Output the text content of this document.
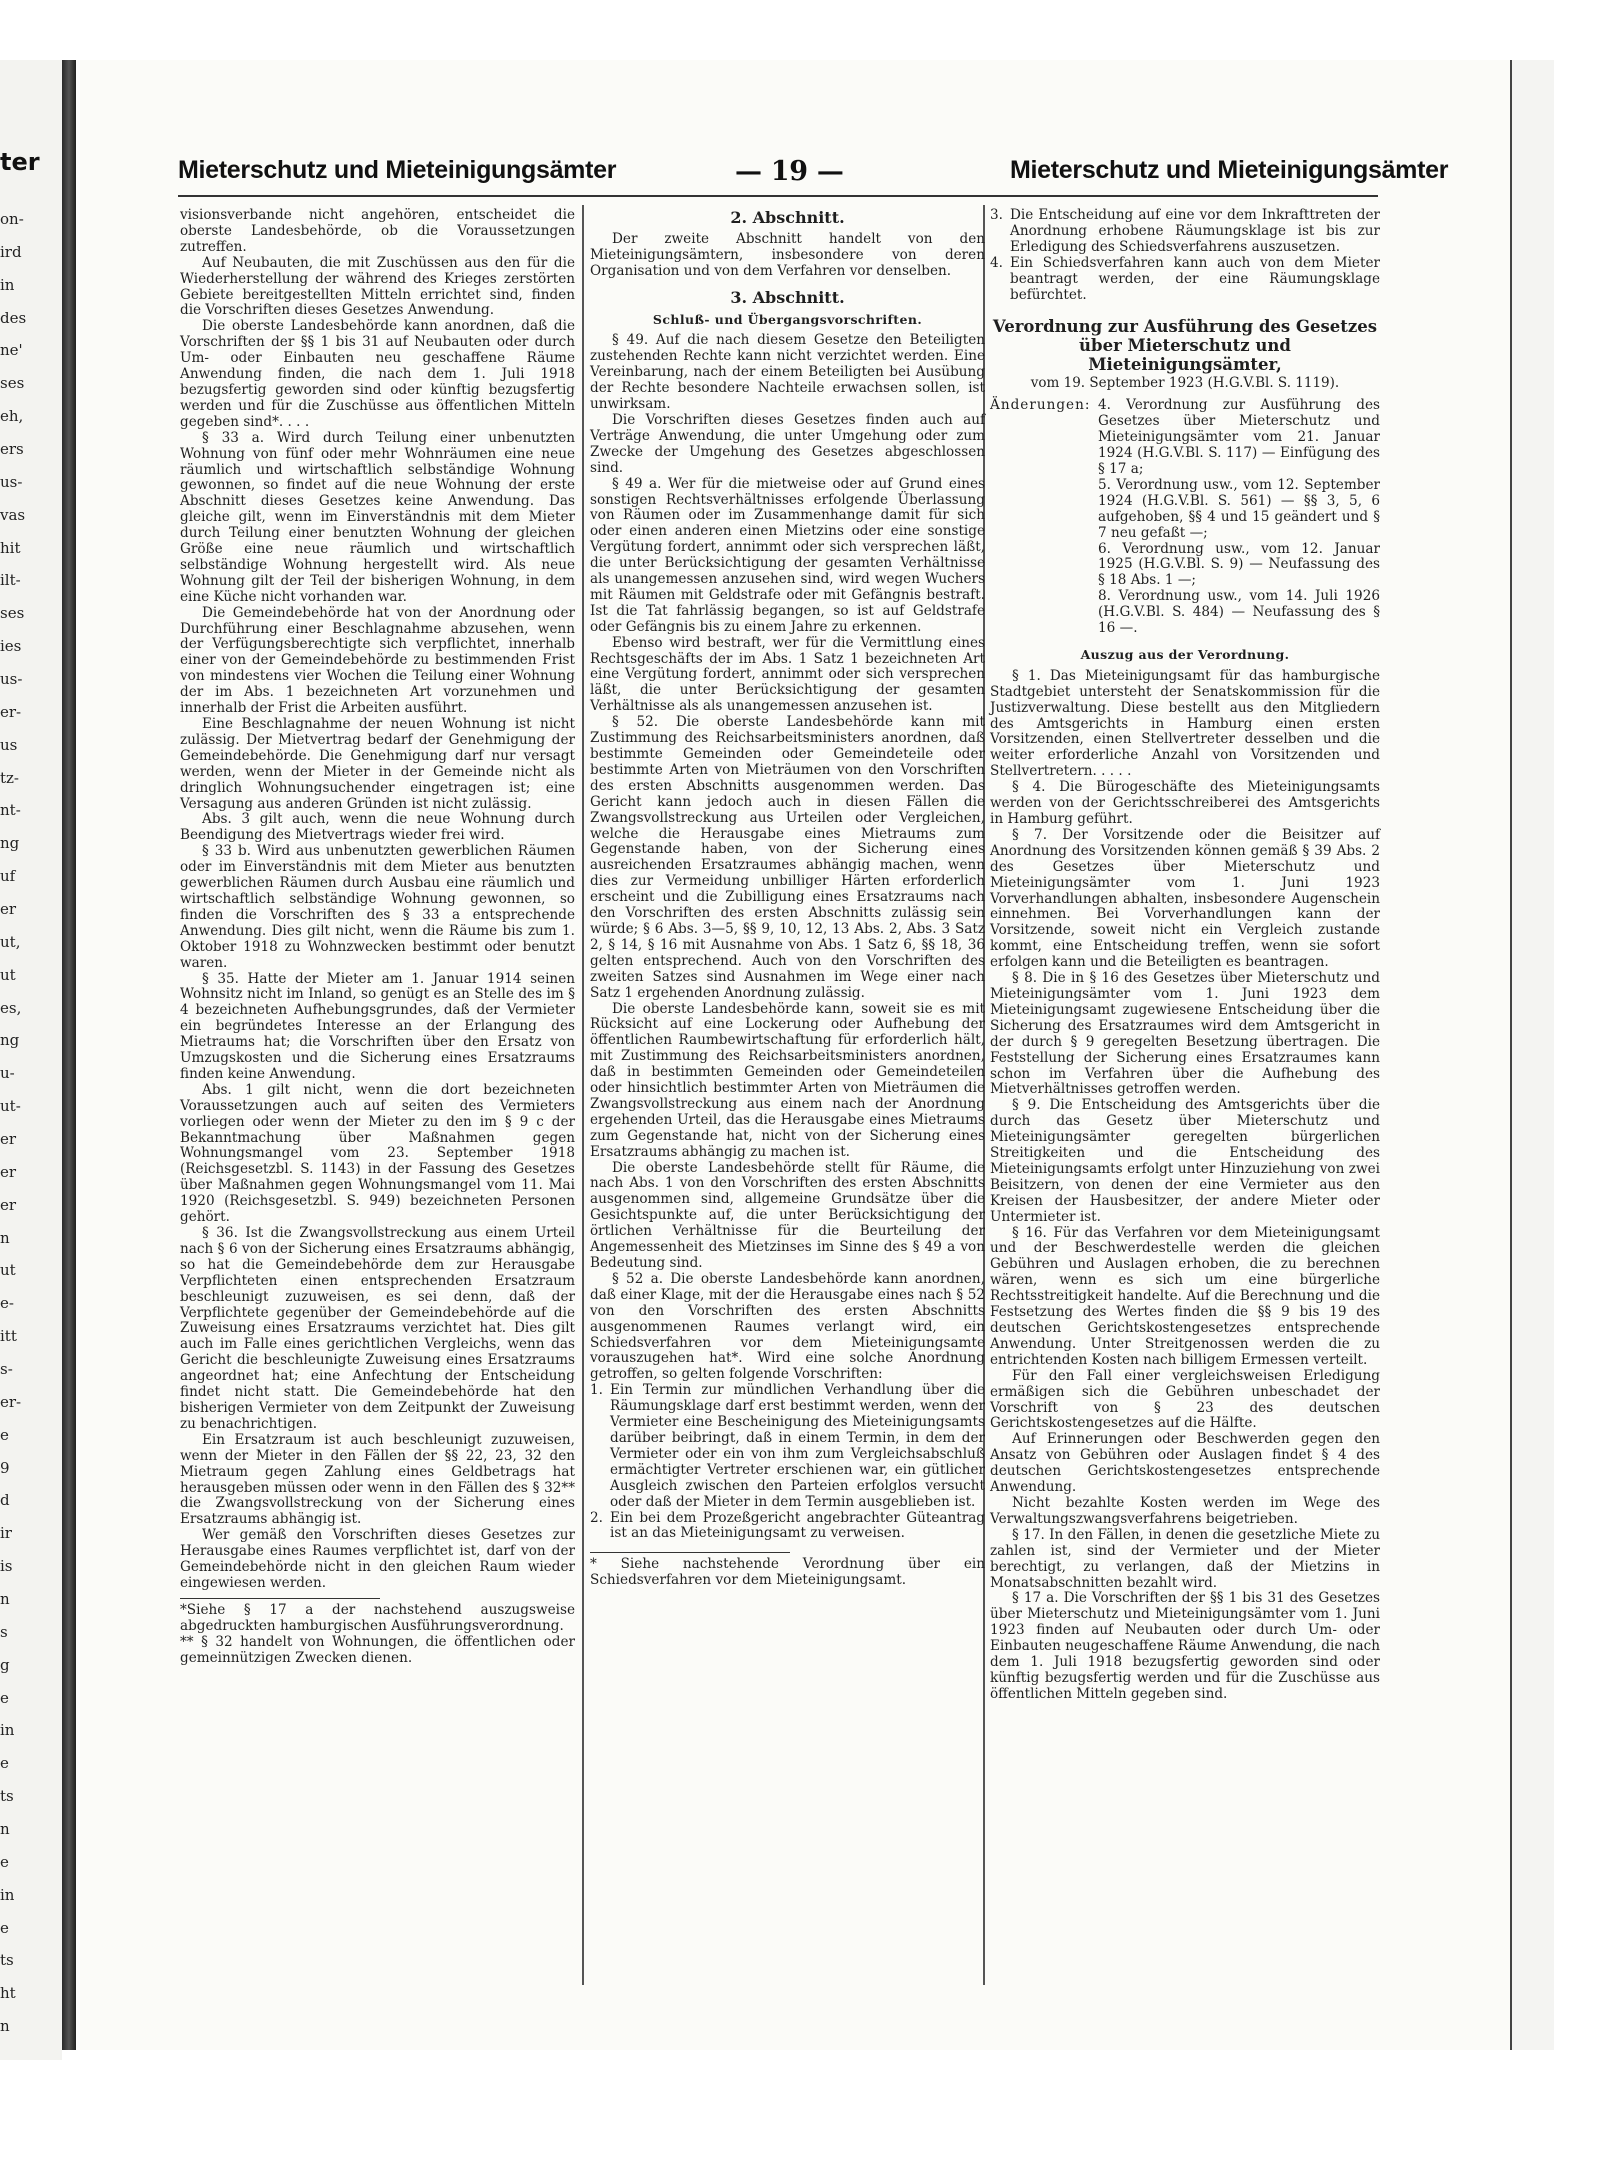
ter
on-
ird
in
des
ne'
ses
eh,
ers
us-
vas
hit
ilt-
ses
ies
us-
er-
us
tz-
nt-
ng
uf
er
ut,
ut
es,
ng
u-
ut-
er
er
er
n
ut
e-
itt
s-
er-
e
9
d
ir
is
n
s
g
e
in
e
ts
n
e
in
e
ts
ht
n
Mieterschutz und Mieteinigungsämter	— 19 —	Mieterschutz und Mieteinigungsämter

visionsverbande nicht angehören, entscheidet die oberste Landesbehörde, ob die Voraussetzungen zutreffen.

Auf Neubauten, die mit Zuschüssen aus den für die Wiederherstellung der während des Krieges zerstörten Gebiete bereitgestellten Mitteln errichtet sind, finden die Vorschriften dieses Gesetzes Anwendung.

Die oberste Landesbehörde kann anordnen, daß die Vorschriften der §§ 1 bis 31 auf Neubauten oder durch Um- oder Einbauten neu geschaffene Räume Anwendung finden, die nach dem 1. Juli 1918 bezugsfertig geworden sind oder künftig bezugsfertig werden und für die Zuschüsse aus öffentlichen Mitteln gegeben sind*. . . .

§ 33 a. Wird durch Teilung einer unbenutzten Wohnung von fünf oder mehr Wohnräumen eine neue räumlich und wirtschaftlich selbständige Wohnung gewonnen, so findet auf die neue Wohnung der erste Abschnitt dieses Gesetzes keine Anwendung. Das gleiche gilt, wenn im Einverständnis mit dem Mieter durch Teilung einer benutzten Wohnung der gleichen Größe eine neue räumlich und wirtschaftlich selbständige Wohnung hergestellt wird. Als neue Wohnung gilt der Teil der bisherigen Wohnung, in dem eine Küche nicht vorhanden war.

Die Gemeindebehörde hat von der Anordnung oder Durchführung einer Beschlagnahme abzusehen, wenn der Verfügungsberechtigte sich verpflichtet, innerhalb einer von der Gemeindebehörde zu bestimmenden Frist von mindestens vier Wochen die Teilung einer Wohnung der im Abs. 1 bezeichneten Art vorzunehmen und innerhalb der Frist die Arbeiten ausführt.

Eine Beschlagnahme der neuen Wohnung ist nicht zulässig. Der Mietvertrag bedarf der Genehmigung der Gemeindebehörde. Die Genehmigung darf nur versagt werden, wenn der Mieter in der Gemeinde nicht als dringlich Wohnungsuchender eingetragen ist; eine Versagung aus anderen Gründen ist nicht zulässig.

Abs. 3 gilt auch, wenn die neue Wohnung durch Beendigung des Mietvertrags wieder frei wird.

§ 33 b. Wird aus unbenutzten gewerblichen Räumen oder im Einverständnis mit dem Mieter aus benutzten gewerblichen Räumen durch Ausbau eine räumlich und wirtschaftlich selbständige Wohnung gewonnen, so finden die Vorschriften des § 33 a entsprechende Anwendung. Dies gilt nicht, wenn die Räume bis zum 1. Oktober 1918 zu Wohnzwecken bestimmt oder benutzt waren.

§ 35. Hatte der Mieter am 1. Januar 1914 seinen Wohnsitz nicht im Inland, so genügt es an Stelle des im § 4 bezeichneten Aufhebungsgrundes, daß der Vermieter ein begründetes Interesse an der Erlangung des Mietraums hat; die Vorschriften über den Ersatz von Umzugskosten und die Sicherung eines Ersatzraums finden keine Anwendung.

Abs. 1 gilt nicht, wenn die dort bezeichneten Voraussetzungen auch auf seiten des Vermieters vorliegen oder wenn der Mieter zu den im § 9 c der Bekanntmachung über Maßnahmen gegen Wohnungsmangel vom 23. September 1918 (Reichsgesetzbl. S. 1143) in der Fassung des Gesetzes über Maßnahmen gegen Wohnungsmangel vom 11. Mai 1920 (Reichsgesetzbl. S. 949) bezeichneten Personen gehört.

§ 36. Ist die Zwangsvollstreckung aus einem Urteil nach § 6 von der Sicherung eines Ersatzraums abhängig, so hat die Gemeindebehörde dem zur Herausgabe Verpflichteten einen entsprechenden Ersatzraum beschleunigt zuzuweisen, es sei denn, daß der Verpflichtete gegenüber der Gemeindebehörde auf die Zuweisung eines Ersatzraums verzichtet hat. Dies gilt auch im Falle eines gerichtlichen Vergleichs, wenn das Gericht die beschleunigte Zuweisung eines Ersatzraums angeordnet hat; eine Anfechtung der Entscheidung findet nicht statt. Die Gemeindebehörde hat den bisherigen Vermieter von dem Zeitpunkt der Zuweisung zu benachrichtigen.

Ein Ersatzraum ist auch beschleunigt zuzuweisen, wenn der Mieter in den Fällen der §§ 22, 23, 32 den Mietraum gegen Zahlung eines Geldbetrags hat herausgeben müssen oder wenn in den Fällen des § 32** die Zwangsvollstreckung von der Sicherung eines Ersatzraums abhängig ist.

Wer gemäß den Vorschriften dieses Gesetzes zur Herausgabe eines Raumes verpflichtet ist, darf von der Gemeindebehörde nicht in den gleichen Raum wieder eingewiesen werden.

*Siehe § 17 a der nachstehend auszugsweise abgedruckten hamburgischen Ausführungsverordnung.

** § 32 handelt von Wohnungen, die öffentlichen oder gemeinnützigen Zwecken dienen.

2. Abschnitt.

Der zweite Abschnitt handelt von den Mieteinigungsämtern, insbesondere von deren Organisation und von dem Verfahren vor denselben.

3. Abschnitt.
Schluß- und Übergangsvorschriften.

§ 49. Auf die nach diesem Gesetze den Beteiligten zustehenden Rechte kann nicht verzichtet werden. Eine Vereinbarung, nach der einem Beteiligten bei Ausübung der Rechte besondere Nachteile erwachsen sollen, ist unwirksam.

Die Vorschriften dieses Gesetzes finden auch auf Verträge Anwendung, die unter Umgehung oder zum Zwecke der Umgehung des Gesetzes abgeschlossen sind.

§ 49 a. Wer für die mietweise oder auf Grund eines sonstigen Rechtsverhältnisses erfolgende Überlassung von Räumen oder im Zusammenhange damit für sich oder einen anderen einen Mietzins oder eine sonstige Vergütung fordert, annimmt oder sich versprechen läßt, die unter Berücksichtigung der gesamten Verhältnisse als unangemessen anzusehen sind, wird wegen Wuchers mit Räumen mit Geldstrafe oder mit Gefängnis bestraft. Ist die Tat fahrlässig begangen, so ist auf Geldstrafe oder Gefängnis bis zu einem Jahre zu erkennen.

Ebenso wird bestraft, wer für die Vermittlung eines Rechtsgeschäfts der im Abs. 1 Satz 1 bezeichneten Art eine Vergütung fordert, annimmt oder sich versprechen läßt, die unter Berücksichtigung der gesamten Verhältnisse als als unangemessen anzusehen ist.

§ 52. Die oberste Landesbehörde kann mit Zustimmung des Reichsarbeitsministers anordnen, daß bestimmte Gemeinden oder Gemeindeteile oder bestimmte Arten von Mieträumen von den Vorschriften des ersten Abschnitts ausgenommen werden. Das Gericht kann jedoch auch in diesen Fällen die Zwangsvollstreckung aus Urteilen oder Vergleichen, welche die Herausgabe eines Mietraums zum Gegenstande haben, von der Sicherung eines ausreichenden Ersatzraumes abhängig machen, wenn dies zur Vermeidung unbilliger Härten erforderlich erscheint und die Zubilligung eines Ersatzraums nach den Vorschriften des ersten Abschnitts zulässig sein würde; § 6 Abs. 3—5, §§ 9, 10, 12, 13 Abs. 2, Abs. 3 Satz 2, § 14, § 16 mit Ausnahme von Abs. 1 Satz 6, §§ 18, 36 gelten entsprechend. Auch von den Vorschriften des zweiten Satzes sind Ausnahmen im Wege einer nach Satz 1 ergehenden Anordnung zulässig.

Die oberste Landesbehörde kann, soweit sie es mit Rücksicht auf eine Lockerung oder Aufhebung der öffentlichen Raumbewirtschaftung für erforderlich hält, mit Zustimmung des Reichsarbeitsministers anordnen, daß in bestimmten Gemeinden oder Gemeindeteilen oder hinsichtlich bestimmter Arten von Mieträumen die Zwangsvollstreckung aus einem nach der Anordnung ergehenden Urteil, das die Herausgabe eines Mietraums zum Gegenstande hat, nicht von der Sicherung eines Ersatzraums abhängig zu machen ist.

Die oberste Landesbehörde stellt für Räume, die nach Abs. 1 von den Vorschriften des ersten Abschnitts ausgenommen sind, allgemeine Grundsätze über die Gesichtspunkte auf, die unter Berücksichtigung der örtlichen Verhältnisse für die Beurteilung der Angemessenheit des Mietzinses im Sinne des § 49 a von Bedeutung sind.

§ 52 a. Die oberste Landesbehörde kann anordnen, daß einer Klage, mit der die Herausgabe eines nach § 52 von den Vorschriften des ersten Abschnitts ausgenommenen Raumes verlangt wird, ein Schiedsverfahren vor dem Mieteinigungsamte vorauszugehen hat*. Wird eine solche Anordnung getroffen, so gelten folgende Vorschriften:

1. Ein Termin zur mündlichen Verhandlung über die Räumungsklage darf erst bestimmt werden, wenn der Vermieter eine Bescheinigung des Mieteinigungsamts darüber beibringt, daß in einem Termin, in dem der Vermieter oder ein von ihm zum Vergleichsabschluß ermächtigter Vertreter erschienen war, ein gütlicher Ausgleich zwischen den Parteien erfolglos versucht oder daß der Mieter in dem Termin ausgeblieben ist.
2. Ein bei dem Prozeßgericht angebrachter Güteantrag ist an das Mieteinigungsamt zu verweisen.

* Siehe nachstehende Verordnung über ein Schiedsverfahren vor dem Mieteinigungsamt.

3. Die Entscheidung auf eine vor dem Inkrafttreten der Anordnung erhobene Räumungsklage ist bis zur Erledigung des Schiedsverfahrens auszusetzen.
4. Ein Schiedsverfahren kann auch von dem Mieter beantragt werden, der eine Räumungsklage befürchtet.
Verordnung zur Ausführung des Gesetzes über Mieterschutz und Mieteinigungsämter,
vom 19. September 1923 (H.G.V.Bl. S. 1119).
Änderungen: 4. Verordnung zur Ausführung des Gesetzes über Mieterschutz und Mieteinigungsämter vom 21. Januar 1924 (H.G.V.Bl. S. 117) — Einfügung des § 17 a;
5. Verordnung usw., vom 12. September 1924 (H.G.V.Bl. S. 561) — §§ 3, 5, 6 aufgehoben, §§ 4 und 15 geändert und § 7 neu gefaßt —;
6. Verordnung usw., vom 12. Januar 1925 (H.G.V.Bl. S. 9) — Neufassung des § 18 Abs. 1 —;
8. Verordnung usw., vom 14. Juli 1926 (H.G.V.Bl. S. 484) — Neufassung des § 16 —.
Auszug aus der Verordnung.

§ 1. Das Mieteinigungsamt für das hamburgische Stadtgebiet untersteht der Senatskommission für die Justizverwaltung. Diese bestellt aus den Mitgliedern des Amtsgerichts in Hamburg einen ersten Vorsitzenden, einen Stellvertreter desselben und die weiter erforderliche Anzahl von Vorsitzenden und Stellvertretern. . . . .

§ 4. Die Bürogeschäfte des Mieteinigungsamts werden von der Gerichtsschreiberei des Amtsgerichts in Hamburg geführt.

§ 7. Der Vorsitzende oder die Beisitzer auf Anordnung des Vorsitzenden können gemäß § 39 Abs. 2 des Gesetzes über Mieterschutz und Mieteinigungsämter vom 1. Juni 1923 Vorverhandlungen abhalten, insbesondere Augenschein einnehmen. Bei Vorverhandlungen kann der Vorsitzende, soweit nicht ein Vergleich zustande kommt, eine Entscheidung treffen, wenn sie sofort erfolgen kann und die Beteiligten es beantragen.

§ 8. Die in § 16 des Gesetzes über Mieterschutz und Mieteinigungsämter vom 1. Juni 1923 dem Mieteinigungsamt zugewiesene Entscheidung über die Sicherung des Ersatzraumes wird dem Amtsgericht in der durch § 9 geregelten Besetzung übertragen. Die Feststellung der Sicherung eines Ersatzraumes kann schon im Verfahren über die Aufhebung des Mietverhältnisses getroffen werden.

§ 9. Die Entscheidung des Amtsgerichts über die durch das Gesetz über Mieterschutz und Mieteinigungsämter geregelten bürgerlichen Streitigkeiten und die Entscheidung des Mieteinigungsamts erfolgt unter Hinzuziehung von zwei Beisitzern, von denen der eine Vermieter aus den Kreisen der Hausbesitzer, der andere Mieter oder Untermieter ist.

§ 16. Für das Verfahren vor dem Mieteinigungsamt und der Beschwerdestelle werden die gleichen Gebühren und Auslagen erhoben, die zu berechnen wären, wenn es sich um eine bürgerliche Rechtsstreitigkeit handelte. Auf die Berechnung und die Festsetzung des Wertes finden die §§ 9 bis 19 des deutschen Gerichtskostengesetzes entsprechende Anwendung. Unter Streitgenossen werden die zu entrichtenden Kosten nach billigem Ermessen verteilt.

Für den Fall einer vergleichsweisen Erledigung ermäßigen sich die Gebühren unbeschadet der Vorschrift von § 23 des deutschen Gerichtskostengesetzes auf die Hälfte.

Auf Erinnerungen oder Beschwerden gegen den Ansatz von Gebühren oder Auslagen findet § 4 des deutschen Gerichtskostengesetzes entsprechende Anwendung.

Nicht bezahlte Kosten werden im Wege des Verwaltungszwangsverfahrens beigetrieben.

§ 17. In den Fällen, in denen die gesetzliche Miete zu zahlen ist, sind der Vermieter und der Mieter berechtigt, zu verlangen, daß der Mietzins in Monatsabschnitten bezahlt wird.

§ 17 a. Die Vorschriften der §§ 1 bis 31 des Gesetzes über Mieterschutz und Mieteinigungsämter vom 1. Juni 1923 finden auf Neubauten oder durch Um- oder Einbauten neugeschaffene Räume Anwendung, die nach dem 1. Juli 1918 bezugsfertig geworden sind oder künftig bezugsfertig werden und für die Zuschüsse aus öffentlichen Mitteln gegeben sind.
